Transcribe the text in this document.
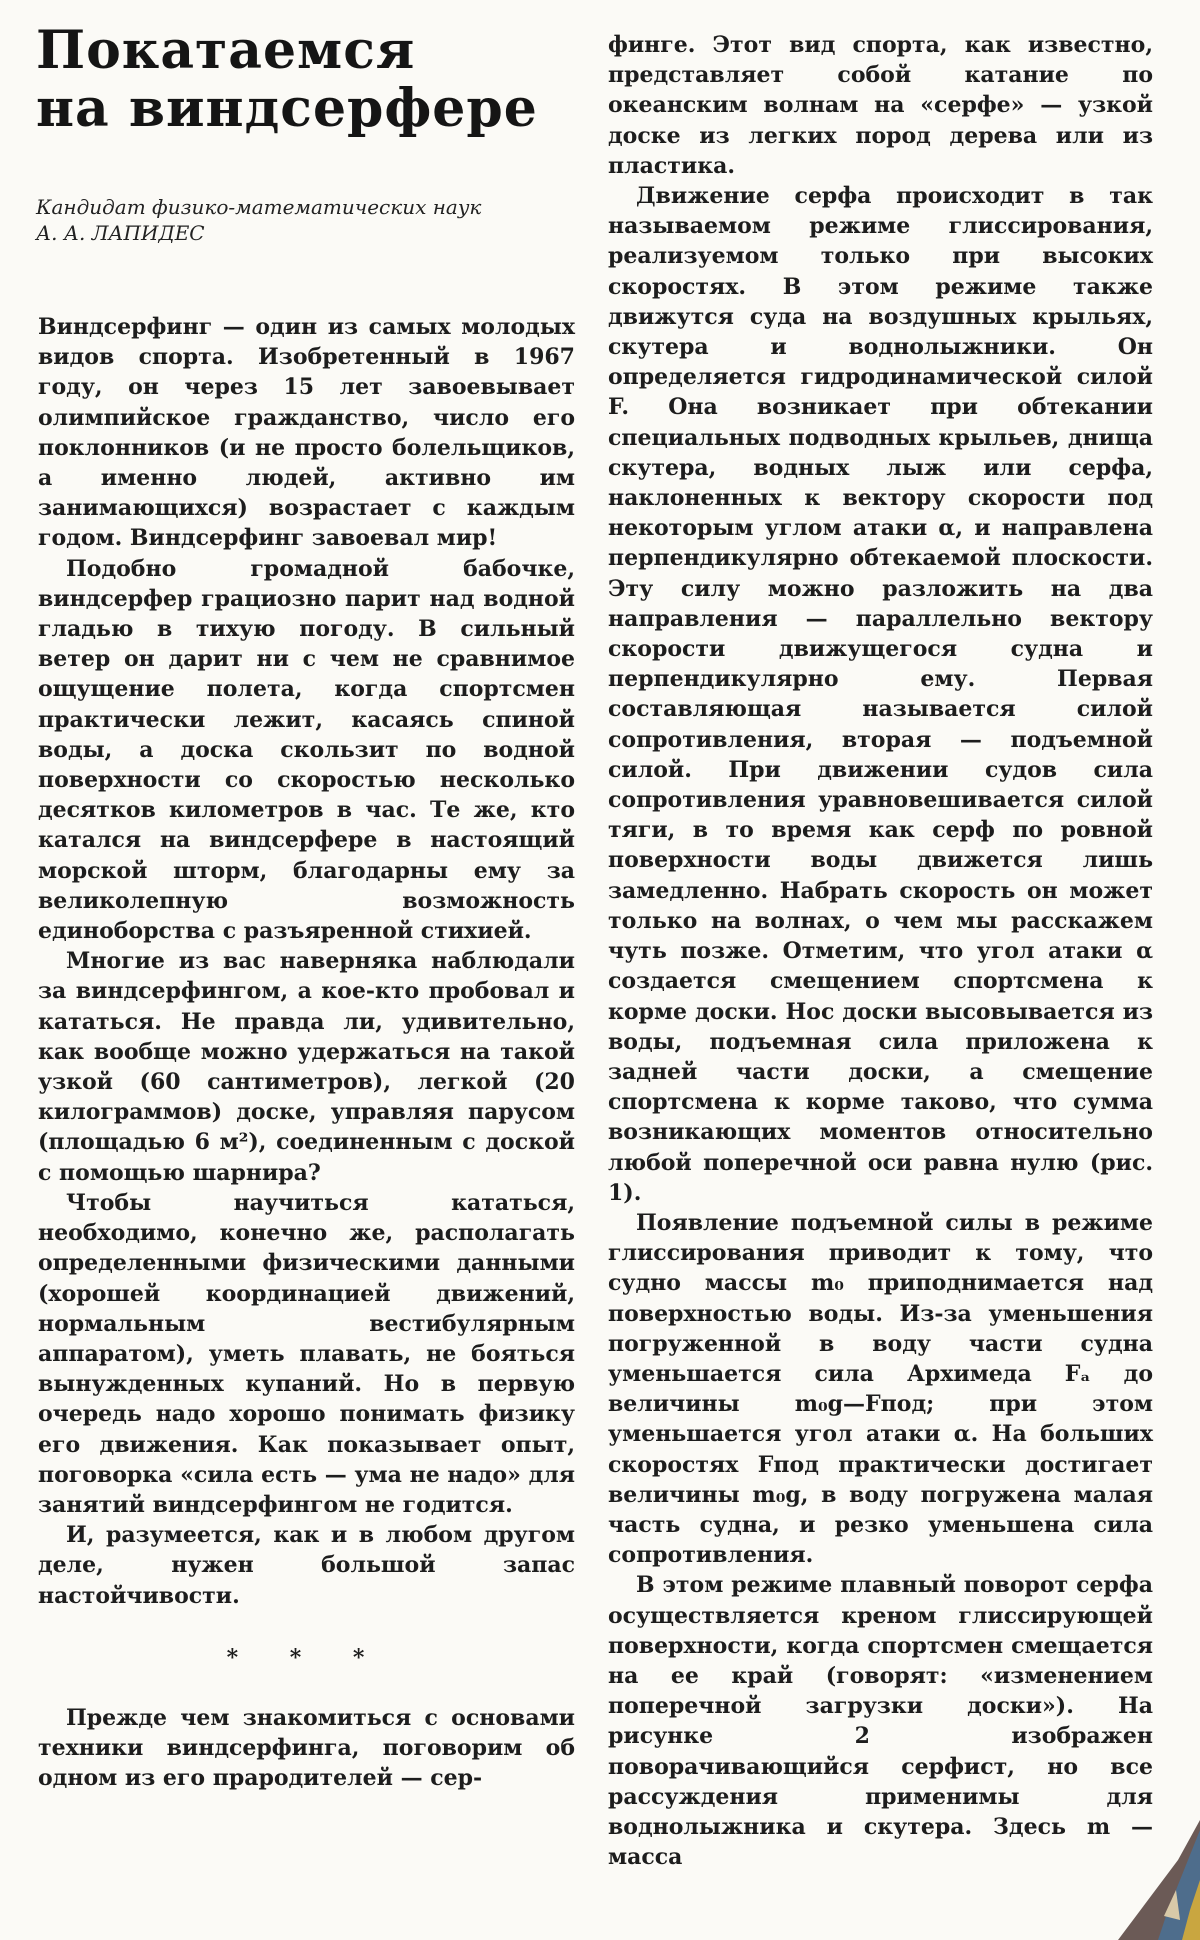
Покатаемся
на виндсерфере
Кандидат физико-математических наук
А. А. ЛАПИДЕС

Виндсерфинг — один из самых молодых видов спорта. Изобретенный в 1967 году, он через 15 лет завоевывает олимпийское гражданство, число его поклонников (и не просто болельщиков, а именно людей, активно им занимающихся) возрастает с каждым годом. Виндсерфинг завоевал мир!

Подобно громадной бабочке, виндсерфер грациозно парит над водной гладью в тихую погоду. В сильный ветер он дарит ни с чем не сравнимое ощущение полета, когда спортсмен практически лежит, касаясь спиной воды, а доска скользит по водной поверхности со скоростью несколько десятков километров в час. Те же, кто катался на виндсерфере в настоящий морской шторм, благодарны ему за великолепную возможность единоборства с разъяренной стихией.

Многие из вас наверняка наблюдали за виндсерфингом, а кое-кто пробовал и кататься. Не правда ли, удивительно, как вообще можно удержаться на такой узкой (60 сантиметров), легкой (20 килограммов) доске, управляя парусом (площадью 6 м²), соединенным с доской с помощью шарнира?

Чтобы научиться кататься, необходимо, конечно же, располагать определенными физическими данными (хорошей координацией движений, нормальным вестибулярным аппаратом), уметь плавать, не бояться вынужденных купаний. Но в первую очередь надо хорошо понимать физику его движения. Как показывает опыт, поговорка «сила есть — ума не надо» для занятий виндсерфингом не годится.

И, разумеется, как и в любом другом деле, нужен большой запас настойчивости.

* * *

Прежде чем знакомиться с основами техники виндсерфинга, поговорим об одном из его прародителей — сер-

финге. Этот вид спорта, как известно, представляет собой катание по океанским волнам на «серфе» — узкой доске из легких пород дерева или из пластика.

Движение серфа происходит в так называемом режиме глиссирования, реализуемом только при высоких скоростях. В этом режиме также движутся суда на воздушных крыльях, скутера и воднолыжники. Он определяется гидродинамической силой F. Она возникает при обтекании специальных подводных крыльев, днища скутера, водных лыж или серфа, наклоненных к вектору скорости под некоторым углом атаки α, и направлена перпендикулярно обтекаемой плоскости. Эту силу можно разложить на два направления — параллельно вектору скорости движущегося судна и перпендикулярно ему. Первая составляющая называется силой сопротивления, вторая — подъемной силой. При движении судов сила сопротивления уравновешивается силой тяги, в то время как серф по ровной поверхности воды движется лишь замедленно. Набрать скорость он может только на волнах, о чем мы расскажем чуть позже. Отметим, что угол атаки α создается смещением спортсмена к корме доски. Нос доски высовывается из воды, подъемная сила приложена к задней части доски, а смещение спортсмена к корме таково, что сумма возникающих моментов относительно любой поперечной оси равна нулю (рис. 1).

Появление подъемной силы в режиме глиссирования приводит к тому, что судно массы m₀ приподнимается над поверхностью воды. Из-за уменьшения погруженной в воду части судна уменьшается сила Архимеда Fₐ до величины m₀g—Fпод; при этом уменьшается угол атаки α. На больших скоростях Fпод практически достигает величины m₀g, в воду погружена малая часть судна, и резко уменьшена сила сопротивления.

В этом режиме плавный поворот серфа осуществляется креном глиссирующей поверхности, когда спортсмен смещается на ее край (говорят: «изменением поперечной загрузки доски»). На рисунке 2 изображен поворачивающийся серфист, но все рассуждения применимы для воднолыжника и скутера. Здесь m — масса
